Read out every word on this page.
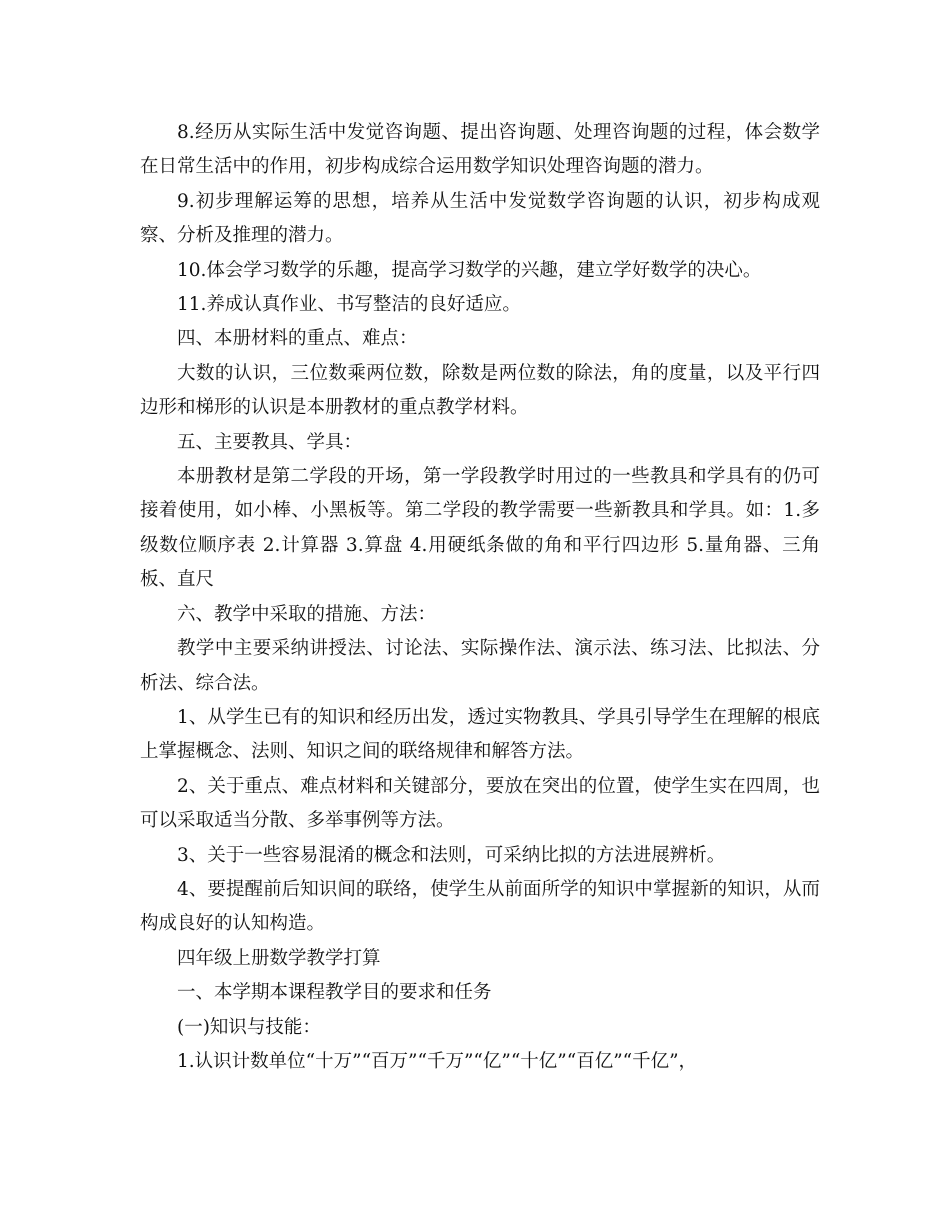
8.经历从实际生活中发觉咨询题、提出咨询题、处理咨询题的过程，体会数学在日常生活中的作用，初步构成综合运用数学知识处理咨询题的潜力。

9.初步理解运筹的思想，培养从生活中发觉数学咨询题的认识，初步构成观察、分析及推理的潜力。

10.体会学习数学的乐趣，提高学习数学的兴趣，建立学好数学的决心。

11.养成认真作业、书写整洁的良好适应。

四、本册材料的重点、难点：

大数的认识，三位数乘两位数，除数是两位数的除法，角的度量，以及平行四边形和梯形的认识是本册教材的重点教学材料。

五、主要教具、学具：

本册教材是第二学段的开场，第一学段教学时用过的一些教具和学具有的仍可接着使用，如小棒、小黑板等。第二学段的教学需要一些新教具和学具。如：1.多级数位顺序表 2.计算器 3.算盘 4.用硬纸条做的角和平行四边形 5.量角器、三角板、直尺

六、教学中采取的措施、方法：

教学中主要采纳讲授法、讨论法、实际操作法、演示法、练习法、比拟法、分析法、综合法。

1、从学生已有的知识和经历出发，透过实物教具、学具引导学生在理解的根底上掌握概念、法则、知识之间的联络规律和解答方法。

2、关于重点、难点材料和关键部分，要放在突出的位置，使学生实在四周，也可以采取适当分散、多举事例等方法。

3、关于一些容易混淆的概念和法则，可采纳比拟的方法进展辨析。

4、要提醒前后知识间的联络，使学生从前面所学的知识中掌握新的知识，从而构成良好的认知构造。

四年级上册数学教学打算

一、本学期本课程教学目的要求和任务

(一)知识与技能：

1.认识计数单位“十万”“百万”“千万”“亿”“十亿”“百亿”“千亿”，
